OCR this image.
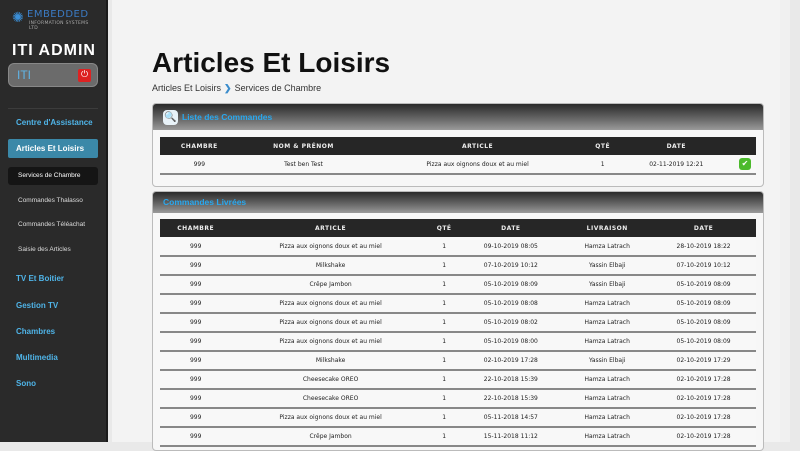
✺ EMBEDDED
INFORMATION SYSTEMS LTD
ITI ADMIN
ITI	⏻
Centre d'Assistance
Articles Et Loisirs
Services de Chambre
Commandes Thalasso
Commandes Téléachat
Saisie des Articles
TV Et Boitier
Gestion TV
Chambres
Multimedia
Sono
Articles Et Loisirs
Articles Et Loisirs ❯ Services de Chambre
🔍 Liste des Commandes
CHAMBRE	NOM & PRÉNOM	ARTICLE	QTÉ	DATE	
999	Test ben Test	Pizza aux oignons doux et au miel	1	02-11-2019 12:21	✔
Commandes Livrées
CHAMBRE	ARTICLE	QTÉ	DATE	LIVRAISON	DATE
999	Pizza aux oignons doux et au miel	1	09-10-2019 08:05	Hamza Latrach	28-10-2019 18:22
999	Milkshake	1	07-10-2019 10:12	Yassin Elbaji	07-10-2019 10:12
999	Crêpe Jambon	1	05-10-2019 08:09	Yassin Elbaji	05-10-2019 08:09
999	Pizza aux oignons doux et au miel	1	05-10-2019 08:08	Hamza Latrach	05-10-2019 08:09
999	Pizza aux oignons doux et au miel	1	05-10-2019 08:02	Hamza Latrach	05-10-2019 08:09
999	Pizza aux oignons doux et au miel	1	05-10-2019 08:00	Hamza Latrach	05-10-2019 08:09
999	Milkshake	1	02-10-2019 17:28	Yassin Elbaji	02-10-2019 17:29
999	Cheesecake OREO	1	22-10-2018 15:39	Hamza Latrach	02-10-2019 17:28
999	Cheesecake OREO	1	22-10-2018 15:39	Hamza Latrach	02-10-2019 17:28
999	Pizza aux oignons doux et au miel	1	05-11-2018 14:57	Hamza Latrach	02-10-2019 17:28
999	Crêpe Jambon	1	15-11-2018 11:12	Hamza Latrach	02-10-2019 17:28
